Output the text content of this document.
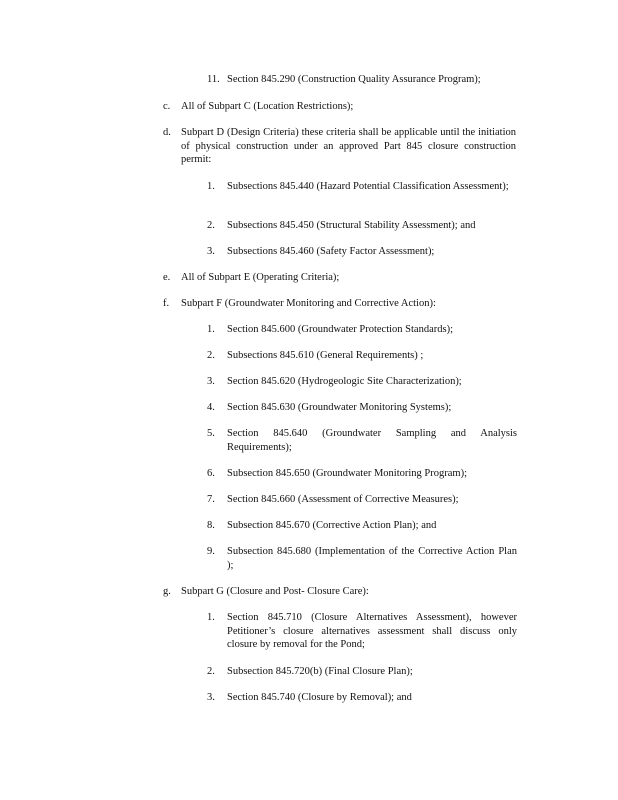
11. Section 845.290 (Construction Quality Assurance Program);
c. All of Subpart C (Location Restrictions);
d. Subpart D (Design Criteria) these criteria shall be applicable until the initiation of physical construction under an approved Part 845 closure construction permit:
1. Subsections 845.440 (Hazard Potential Classification Assessment);
2. Subsections 845.450 (Structural Stability Assessment); and
3. Subsections 845.460 (Safety Factor Assessment);
e. All of Subpart E (Operating Criteria);
f. Subpart F (Groundwater Monitoring and Corrective Action):
1. Section 845.600 (Groundwater Protection Standards);
2. Subsections 845.610 (General Requirements) ;
3. Section 845.620 (Hydrogeologic Site Characterization);
4. Section 845.630 (Groundwater Monitoring Systems);
5. Section 845.640 (Groundwater Sampling and Analysis Requirements);
6. Subsection 845.650 (Groundwater Monitoring Program);
7. Section 845.660 (Assessment of Corrective Measures);
8. Subsection 845.670 (Corrective Action Plan); and
9. Subsection 845.680 (Implementation of the Corrective Action Plan );
g. Subpart G (Closure and Post- Closure Care):
1. Section 845.710 (Closure Alternatives Assessment), however Petitioner’s closure alternatives assessment shall discuss only closure by removal for the Pond;
2. Subsection 845.720(b) (Final Closure Plan);
3. Section 845.740 (Closure by Removal); and
